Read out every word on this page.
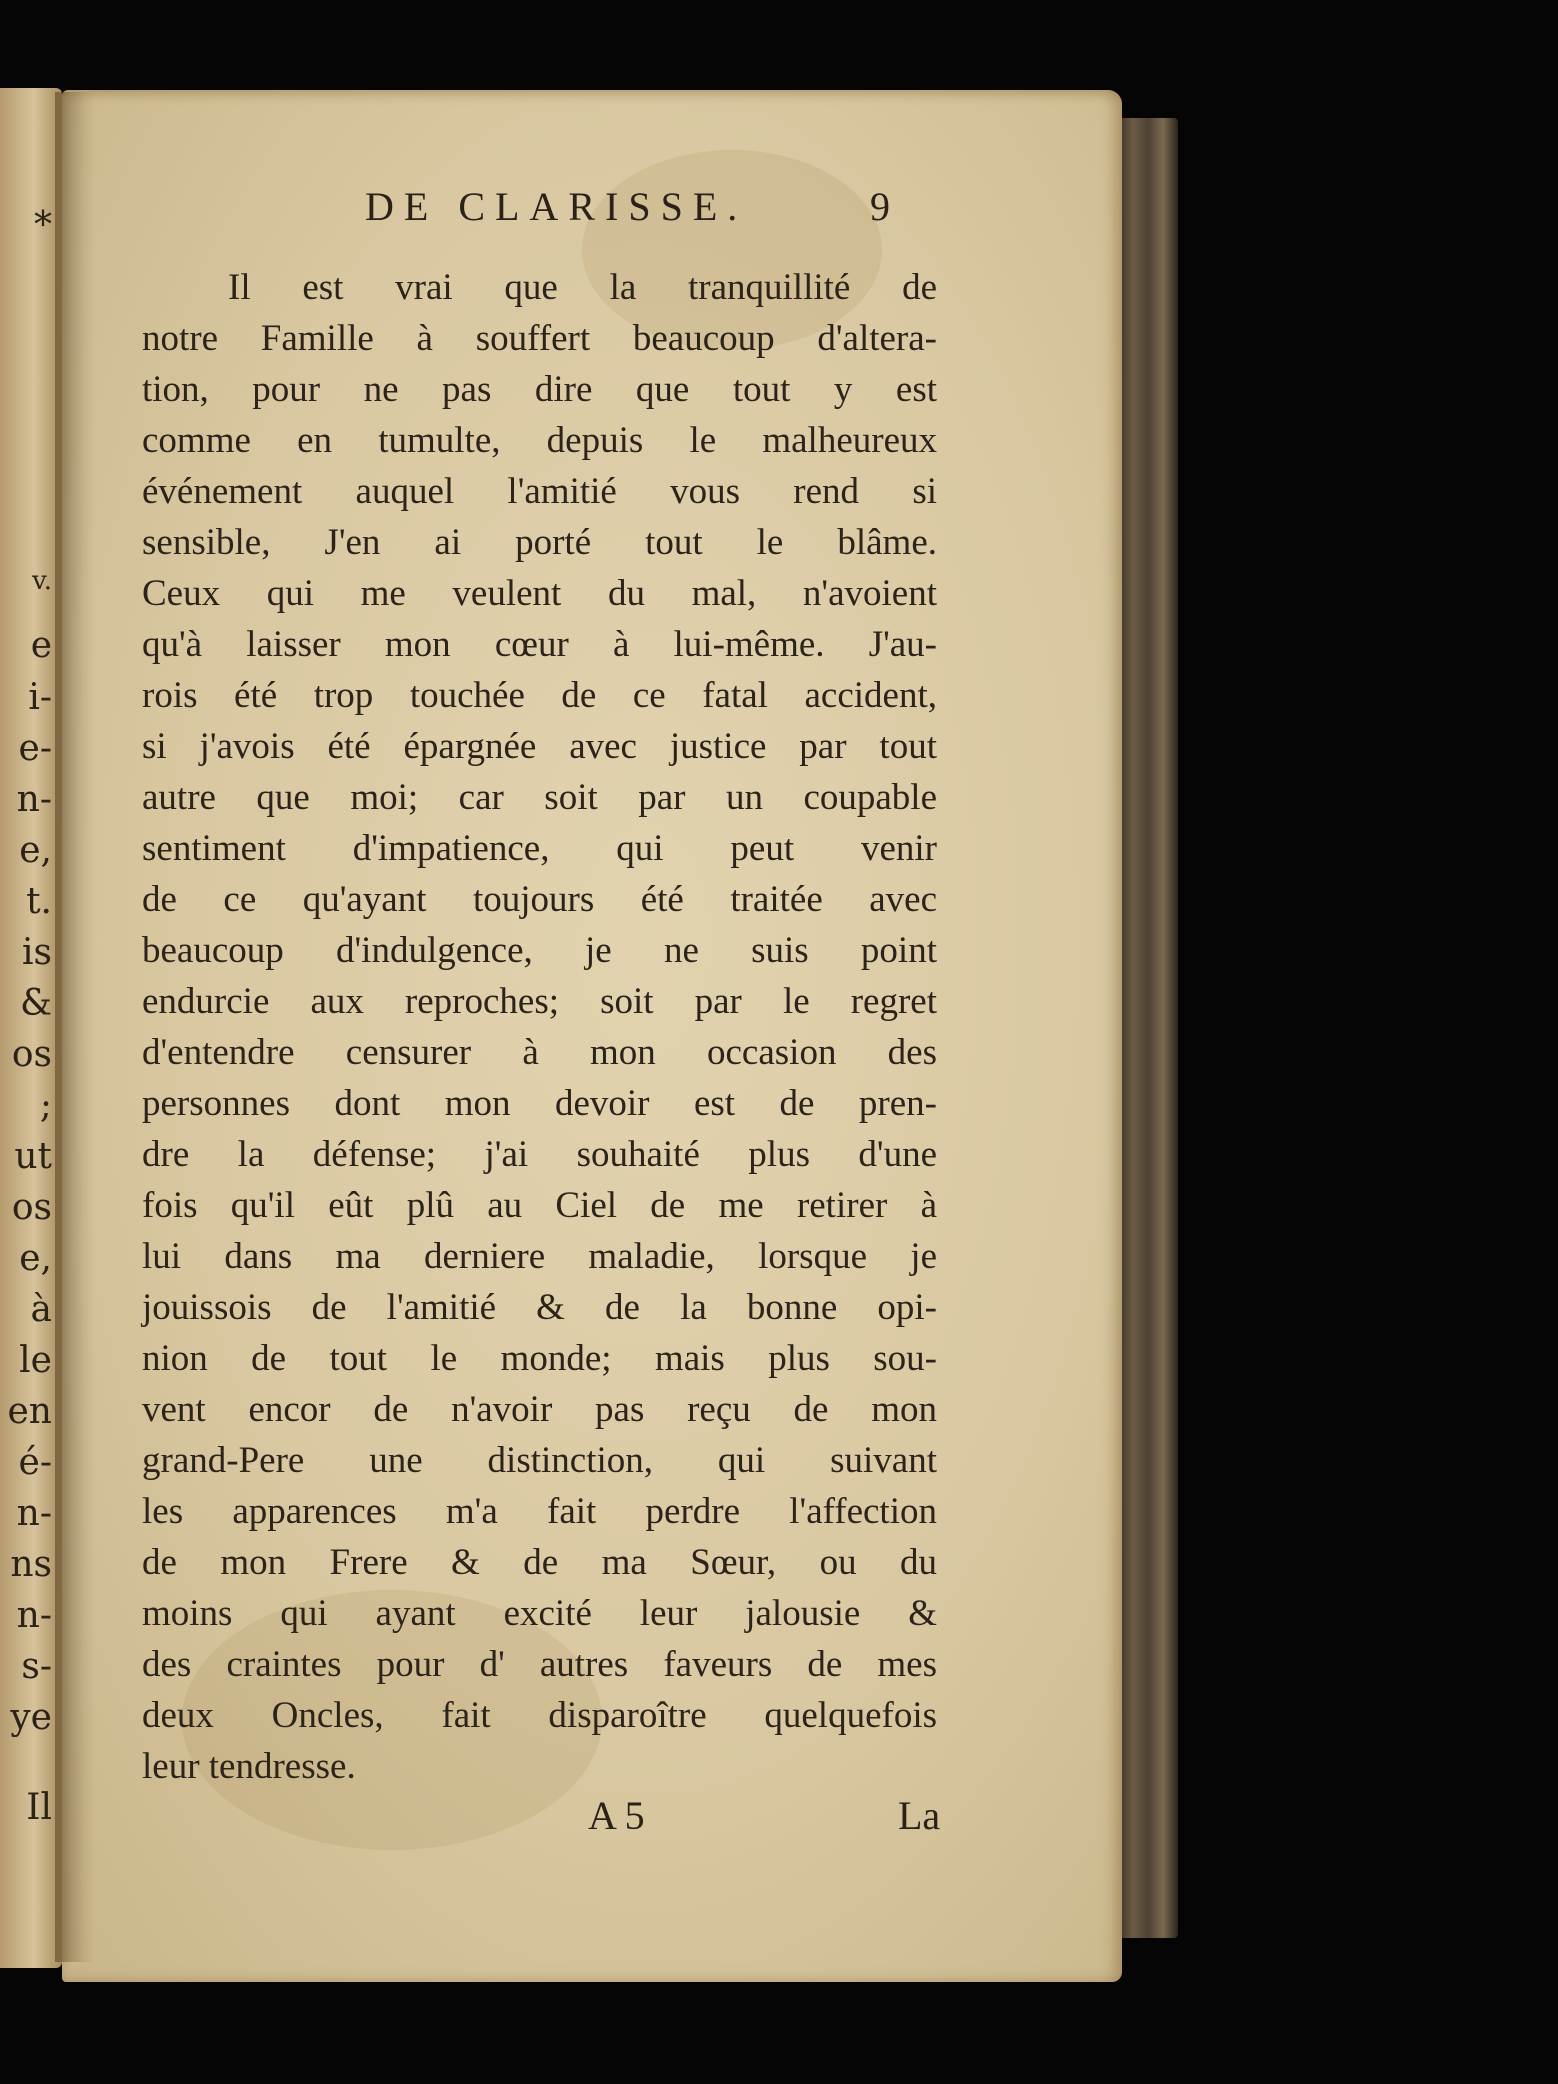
*
v.
e
i-
e-
n-
e,
t.
is
&
os
;
ut
os
e,
à
le
en
é-
n-
ns
n-
s-
ye
Il
DE CLARISSE.	9
Il est vrai que la tranquillité de
notre Famille à souffert beaucoup d'altera-
tion, pour ne pas dire que tout y est
comme en tumulte, depuis le malheureux
événement auquel l'amitié vous rend si
sensible, J'en ai porté tout le blâme.
Ceux qui me veulent du mal, n'avoient
qu'à laisser mon cœur à lui-même. J'au-
rois été trop touchée de ce fatal accident,
si j'avois été épargnée avec justice par tout
autre que moi; car soit par un coupable
sentiment d'impatience, qui peut venir
de ce qu'ayant toujours été traitée avec
beaucoup d'indulgence, je ne suis point
endurcie aux reproches; soit par le regret
d'entendre censurer à mon occasion des
personnes dont mon devoir est de pren-
dre la défense; j'ai souhaité plus d'une
fois qu'il eût plû au Ciel de me retirer à
lui dans ma derniere maladie, lorsque je
jouissois de l'amitié & de la bonne opi-
nion de tout le monde; mais plus sou-
vent encor de n'avoir pas reçu de mon
grand-Pere une distinction, qui suivant
les apparences m'a fait perdre l'affection
de mon Frere & de ma Sœur, ou du
moins qui ayant excité leur jalousie &
des craintes pour d' autres faveurs de mes
deux Oncles, fait disparoître quelquefois
leur tendresse.
A 5	La
